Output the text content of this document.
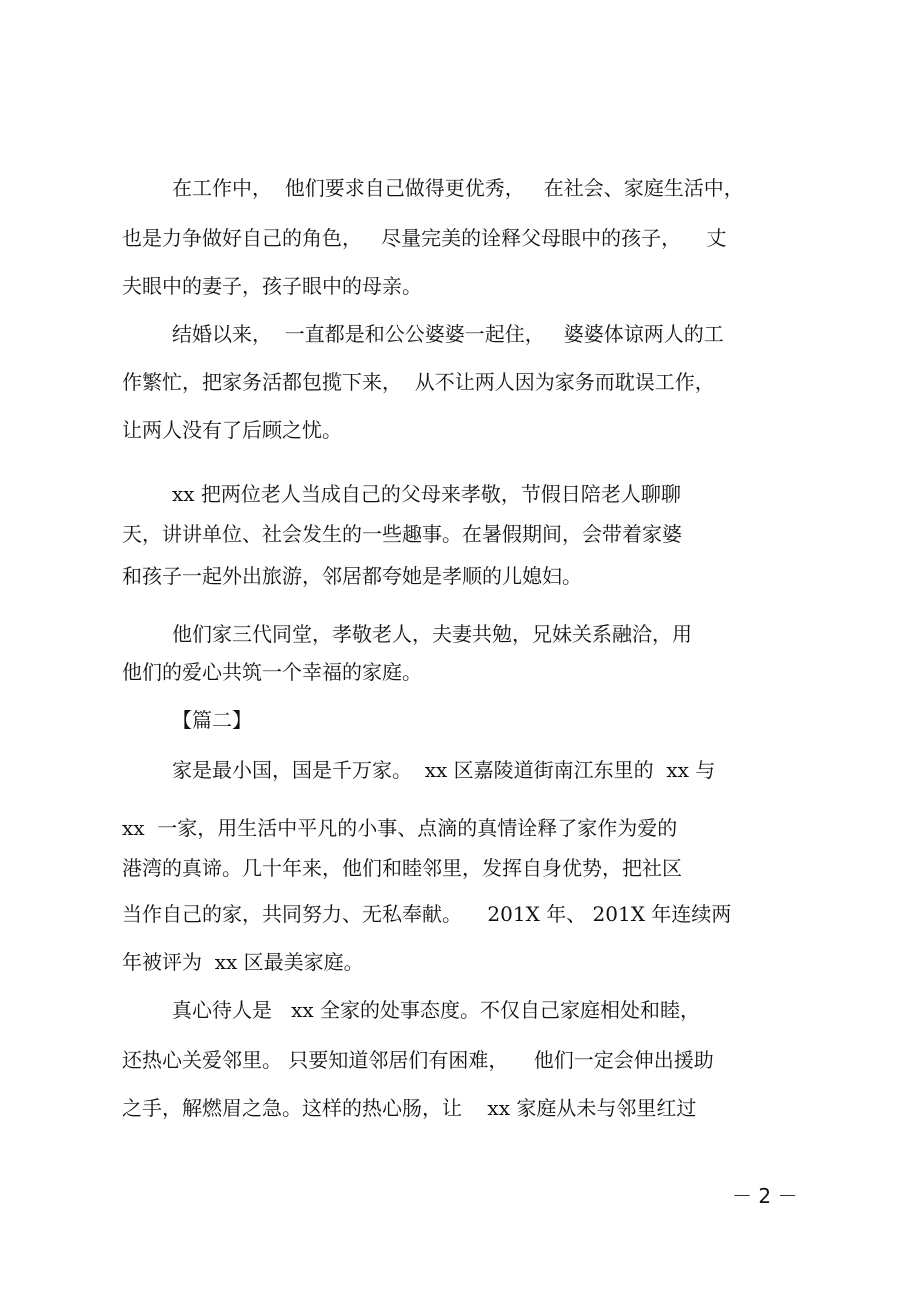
在工作中，  他们要求自己做得更优秀，   在社会、家庭生活中，
也是力争做好自己的角色，   尽量完美的诠释父母眼中的孩子，    丈
夫眼中的妻子，孩子眼中的母亲。
结婚以来，  一直都是和公公婆婆一起住，   婆婆体谅两人的工
作繁忙，把家务活都包揽下来，  从不让两人因为家务而耽误工作，
让两人没有了后顾之忧。
xx 把两位老人当成自己的父母来孝敬，节假日陪老人聊聊
天，讲讲单位、社会发生的一些趣事。在暑假期间，会带着家婆
和孩子一起外出旅游，邻居都夸她是孝顺的儿媳妇。
他们家三代同堂，孝敬老人，夫妻共勉，兄妹关系融洽，用
他们的爱心共筑一个幸福的家庭。
【篇二】
家是最小国，国是千万家。  xx 区嘉陵道街南江东里的  xx 与
xx  一家，用生活中平凡的小事、点滴的真情诠释了家作为爱的
港湾的真谛。几十年来，他们和睦邻里，发挥自身优势，把社区
当作自己的家，共同努力、无私奉献。    201X 年、 201X 年连续两
年被评为  xx 区最美家庭。
真心待人是   xx 全家的处事态度。不仅自己家庭相处和睦，
还热心关爱邻里。 只要知道邻居们有困难，    他们一定会伸出援助
之手，解燃眉之急。这样的热心肠，让    xx 家庭从未与邻里红过
－ 2 －
